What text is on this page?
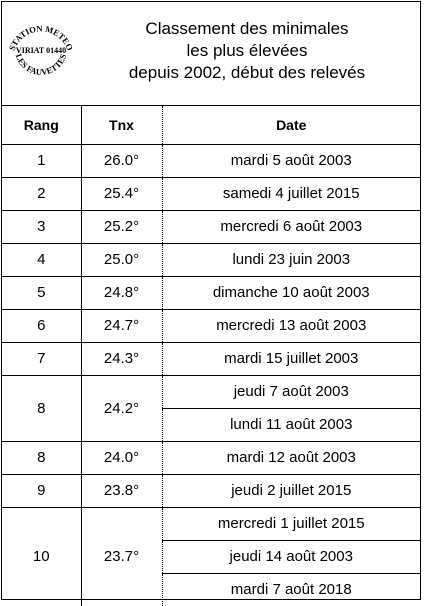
STATION METEO
VIRIAT 01440
LES FAUVETTES
Classement des minimales
les plus élevées
depuis 2002, début des relevés
Rang	Tnx	Date
1	26.0°	mardi 5 août 2003
2	25.4°	samedi 4 juillet 2015
3	25.2°	mercredi 6 août 2003
4	25.0°	lundi 23 juin 2003
5	24.8°	dimanche 10 août 2003
6	24.7°	mercredi 13 août 2003
7	24.3°	mardi 15 juillet 2003
8	24.2°	jeudi 7 août 2003
		lundi 11 août 2003
8	24.0°	mardi 12 août 2003
9	23.8°	jeudi 2 juillet 2015
10	23.7°	mercredi 1 juillet 2015
		jeudi 14 août 2003
		mardi 7 août 2018
